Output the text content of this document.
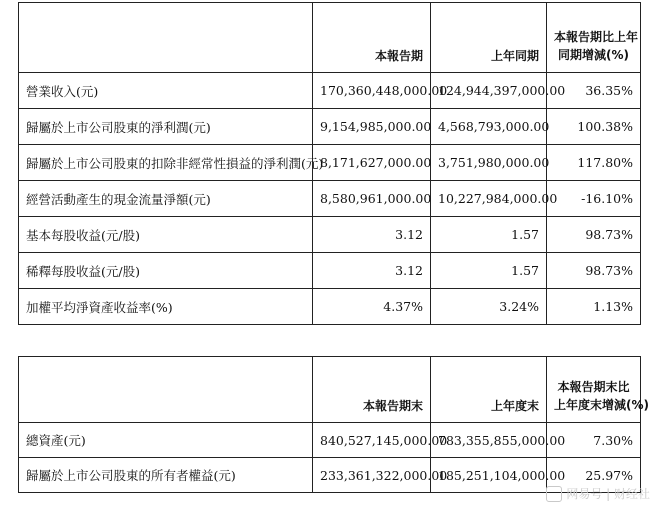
	本報告期	上年同期	本報告期比上年
同期增減(%)

營業收入(元)	170,360,448,000.00	124,944,397,000.00	36.35%
歸屬於上市公司股東的淨利潤(元)	9,154,985,000.00	4,568,793,000.00	100.38%
歸屬於上市公司股東的扣除非經常性損益的淨利潤(元)	8,171,627,000.00	3,751,980,000.00	117.80%
經營活動產生的現金流量淨額(元)	8,580,961,000.00	10,227,984,000.00	-16.10%
基本每股收益(元/股)	3.12	1.57	98.73%
稀釋每股收益(元/股)	3.12	1.57	98.73%
加權平均淨資產收益率(%)	4.37%	3.24%	1.13%
	本報告期末	上年度末	本報告期末比
上年度末增減(%)

總資產(元)	840,527,145,000.00	783,355,855,000.00	7.30%
歸屬於上市公司股東的所有者權益(元)	233,361,322,000.00	185,251,104,000.00	25.97%
网易号 | 财经社
